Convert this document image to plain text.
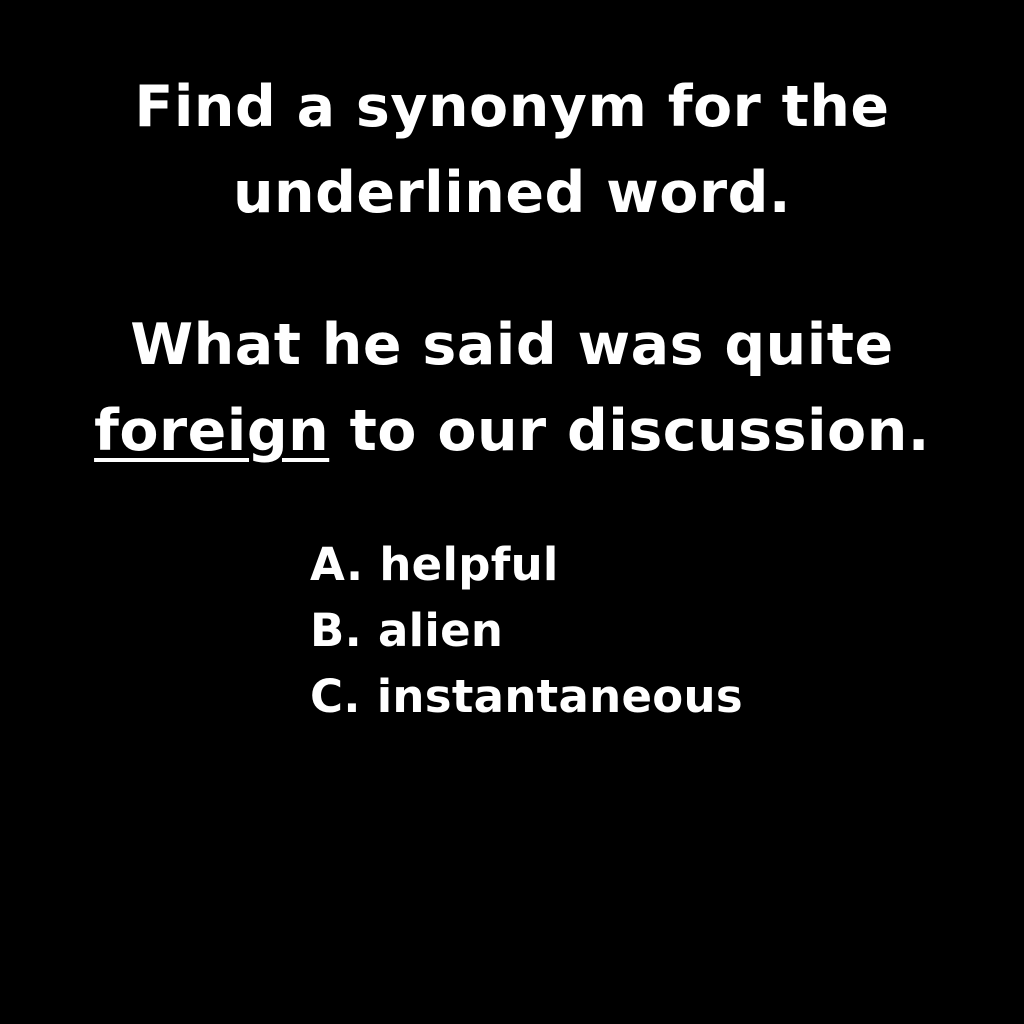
Find a synonym for the underlined word.
What he said was quite
foreign to our discussion.
A. helpful
B. alien
C. instantaneous
